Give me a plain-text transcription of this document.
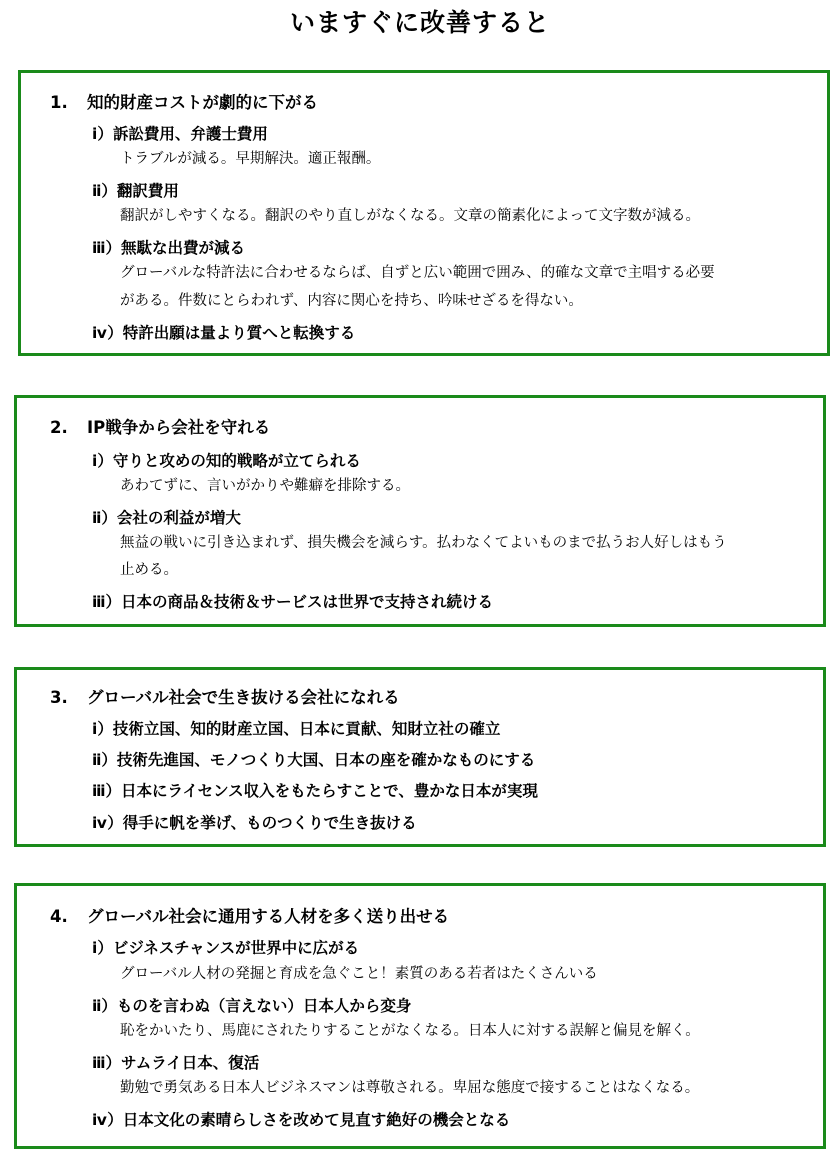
いますぐに改善すると
1. 知的財産コストが劇的に下がる
ⅰ）訴訟費用、弁護士費用
トラブルが減る。早期解決。適正報酬。
ⅱ）翻訳費用
翻訳がしやすくなる。翻訳のやり直しがなくなる。文章の簡素化によって文字数が減る。
ⅲ）無駄な出費が減る
グローバルな特許法に合わせるならば、自ずと広い範囲で囲み、的確な文章で主唱する必要
がある。件数にとらわれず、内容に関心を持ち、吟味せざるを得ない。
ⅳ）特許出願は量より質へと転換する
2. IP戦争から会社を守れる
ⅰ）守りと攻めの知的戦略が立てられる
あわてずに、言いがかりや難癖を排除する。
ⅱ）会社の利益が増大
無益の戦いに引き込まれず、損失機会を減らす。払わなくてよいものまで払うお人好しはもう
止める。
ⅲ）日本の商品＆技術＆サービスは世界で支持され続ける
3. グローバル社会で生き抜ける会社になれる
ⅰ）技術立国、知的財産立国、日本に貢献、知財立社の確立
ⅱ）技術先進国、モノつくり大国、日本の座を確かなものにする
ⅲ）日本にライセンス収入をもたらすことで、豊かな日本が実現
ⅳ）得手に帆を挙げ、ものつくりで生き抜ける
4. グローバル社会に通用する人材を多く送り出せる
ⅰ）ビジネスチャンスが世界中に広がる
グローバル人材の発掘と育成を急ぐこと！素質のある若者はたくさんいる
ⅱ）ものを言わぬ（言えない）日本人から変身
恥をかいたり、馬鹿にされたりすることがなくなる。日本人に対する誤解と偏見を解く。
ⅲ）サムライ日本、復活
勤勉で勇気ある日本人ビジネスマンは尊敬される。卑屈な態度で接することはなくなる。
ⅳ）日本文化の素晴らしさを改めて見直す絶好の機会となる
